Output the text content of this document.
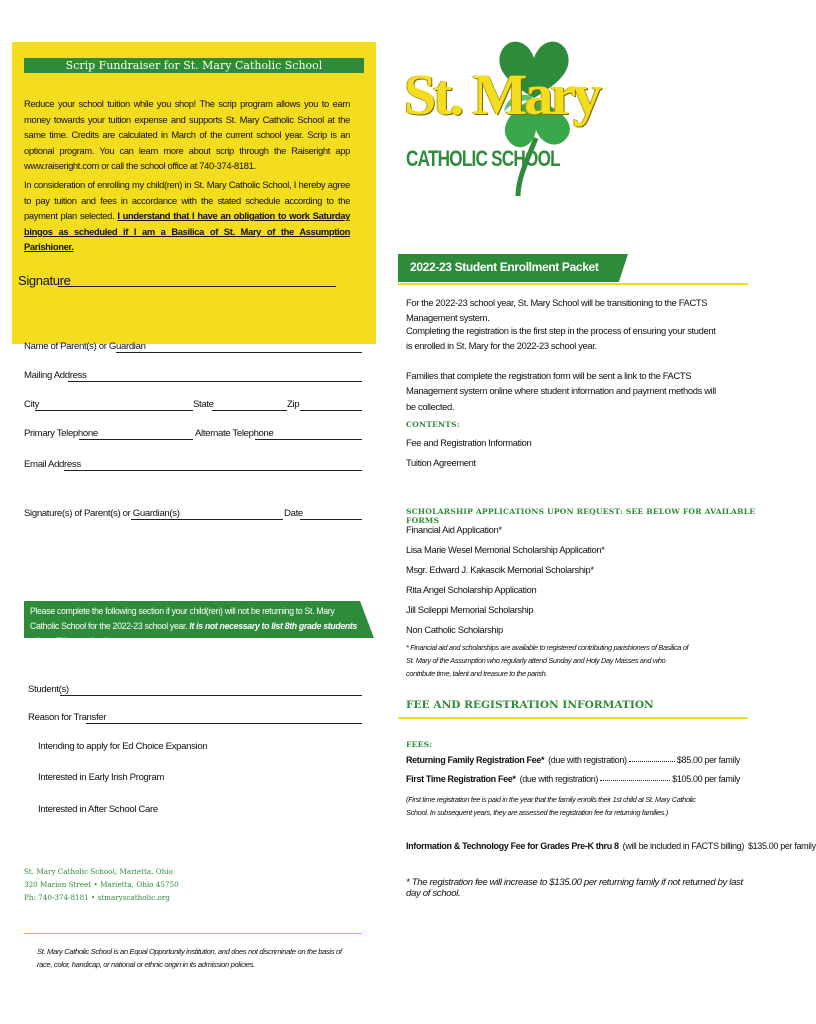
Scrip Fundraiser for St. Mary Catholic School
Reduce your school tuition while you shop! The scrip program allows you to earn money towards your tuition expense and supports St. Mary Catholic School at the same time. Credits are calculated in March of the current school year. Scrip is an optional program. You can learn more about scrip through the Raiseright app www.raiseright.com or call the school office at 740-374-8181.
In consideration of enrolling my child(ren) in St. Mary Catholic School, I hereby agree to pay tuition and fees in accordance with the stated schedule according to the payment plan selected. I understand that I have an obligation to work Saturday bingos as scheduled if I am a Basilica of St. Mary of the Assumption Parishioner.
Signature
Name of Parent(s) or Guardian
Mailing Address
City	State	Zip
Primary Telephone	Alternate Telephone
Email Address
Signature(s) of Parent(s) or Guardian(s)	Date
Please complete the following section if your child(ren) will not be returning to St. Mary Catholic School for the 2022-23 school year. It is not necessary to list 8th grade students who will be graduating.
Student(s)
Reason for Transfer
Intending to apply for Ed Choice Expansion
Interested in Early Irish Program
Interested in After School Care
St. Mary Catholic School, Marietta, Ohio
320 Marion Street • Marietta, Ohio 45750
Ph: 740-374-8181 • stmaryscatholic.org
St. Mary Catholic School is an Equal Opportunity institution, and does not discriminate on the basis of race, color, handicap, or national or ethnic origin in its admission policies.
St. Mary
CATHOLIC SCHOOL
2022-23 Student Enrollment Packet
For the 2022-23 school year, St. Mary School will be transitioning to the FACTS Management system.
Completing the registration is the first step in the process of ensuring your student is enrolled in St. Mary for the 2022-23 school year.
Families that complete the registration form will be sent a link to the FACTS Management system online where student information and payment methods will be collected.
CONTENTS:
Fee and Registration Information
Tuition Agreement
SCHOLARSHIP APPLICATIONS UPON REQUEST: SEE BELOW FOR AVAILABLE FORMS
Financial Aid Application*
Lisa Marie Wesel Memorial Scholarship Application*
Msgr. Edward J. Kakascik Memorial Scholarship*
Rita Angel Scholarship Application
Jill Scileppi Memorial Scholarship
Non Catholic Scholarship
* Financial aid and scholarships are available to registered contributing parishioners of Basilica of St. Mary of the Assumption who regularly attend Sunday and Holy Day Masses and who contribute time, talent and treasure to the parish.
FEE AND REGISTRATION INFORMATION
FEES:
Returning Family Registration Fee* (due with registration)	$85.00 per family
First Time Registration Fee* (due with registration)	$105.00 per family
(First time registration fee is paid in the year that the family enrolls their 1st child at St. Mary Catholic School. In subsequent years, they are assessed the registration fee for returning families.)
Information & Technology Fee for Grades Pre-K thru 8 (will be included in FACTS billing) $135.00 per family
* The registration fee will increase to $135.00 per returning family if not returned by last day of school.
